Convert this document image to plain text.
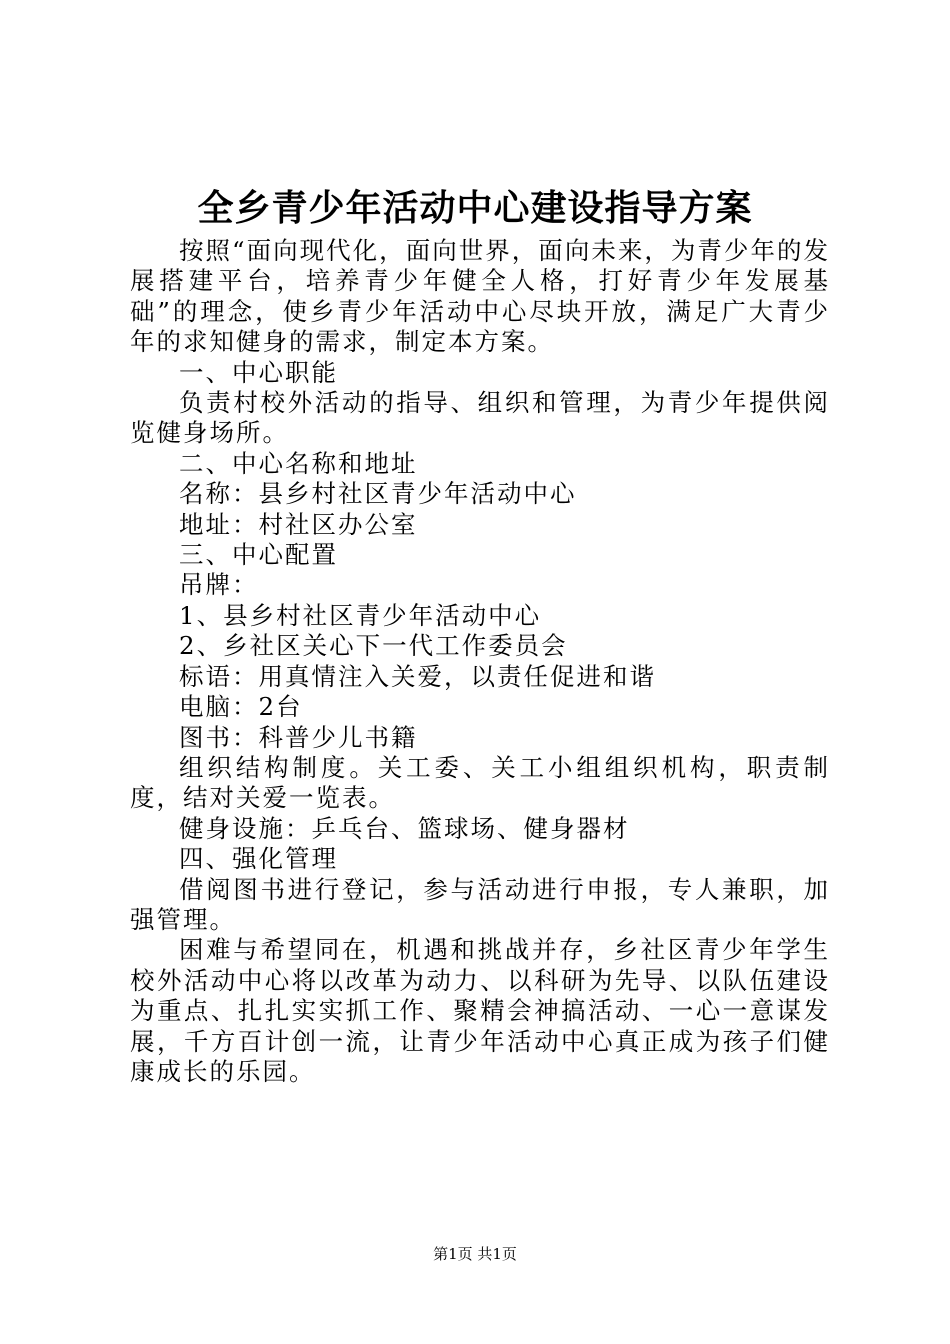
全乡青少年活动中心建设指导方案

按照“面向现代化，面向世界，面向未来，为青少年的发展搭建平台，培养青少年健全人格，打好青少年发展基础”的理念，使乡青少年活动中心尽块开放，满足广大青少年的求知健身的需求，制定本方案。

一、中心职能

负责村校外活动的指导、组织和管理，为青少年提供阅览健身场所。

二、中心名称和地址

名称：县乡村社区青少年活动中心

地址：村社区办公室

三、中心配置

吊牌：

1、县乡村社区青少年活动中心

2、乡社区关心下一代工作委员会

标语：用真情注入关爱，以责任促进和谐

电脑：2台

图书：科普少儿书籍

组织结构制度。关工委、关工小组组织机构，职责制度，结对关爱一览表。

健身设施：乒乓台、篮球场、健身器材

四、强化管理

借阅图书进行登记，参与活动进行申报，专人兼职，加强管理。

困难与希望同在，机遇和挑战并存，乡社区青少年学生校外活动中心将以改革为动力、以科研为先导、以队伍建设为重点、扎扎实实抓工作、聚精会神搞活动、一心一意谋发展，千方百计创一流，让青少年活动中心真正成为孩子们健康成长的乐园。

第1页 共1页
